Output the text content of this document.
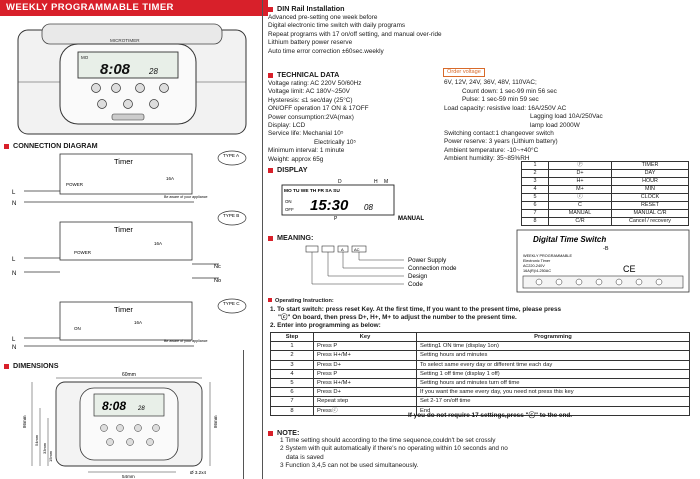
WEEKLY PROGRAMMABLE TIMER
MICROTIMER
MO
8:08 28
CONNECTION DIAGRAM
TYPE A
Timer
POWER
16A
L
N
Be aware of your appliance
TYPE B
Timer
POWER
16A
L
N
Nc
No
TYPE C
Timer
ON
16A
L
N
Be aware of your appliance
DIMENSIONS
60mm
8:08 28
86mm
54mm
33mm
15mm
86mm
54mm
Ø 3.2x4
DIN Rail Installation
Advanced pre-setting one week before
Digital electronic time switch with daily programs
Repeat programs with 17 on/off setting, and manual over-ride
Lithium battery power reserve
Auto time error correction ±60sec.weekly
TECHNICAL DATA
Voltage rating: AC 220V 50/60Hz
Voltage limit: AC 180V~250V
Hysteresis: ≤1 sec/day (25°C)
ON/OFF operation 17 ON & 17OFF
Power consumption:2VA(max)
Display: LCD
Service life: Mechanial 10⁵
Electrically 10⁵
Minimum interval: 1 minute
Weight: approx 65g
Order voltage
6V, 12V, 24V, 36V, 48V, 110VAC;
Count down: 1 sec-99 min 56 sec
Pulse: 1 sec-59 min 59 sec
Load capacity: resistive load: 16A/250V AC
Lagging load 10A/250Vac
lamp load 2000W
Switching contact:1 changeover switch
Power reserve: 3 years (Lithium battery)
Ambient temperature: -10~+40°C
Ambient humidity: 35~85%RH
DISPLAY
D	H M
MO TU WE TH FR SA SU
15:30 08
ON
OFF
P	MANUAL
1	Ⓟ	TIMER
2	D+	DAY
3	H+	HOUR
4	M+	MIN
5	ⓒ	CLOCK
6	C	RESET
7	MANUAL	MANUAL C/R
8	C/R	Cancel / recovery
MEANING:
A	AC
Power Supply
Connection mode
Design
Code
Digital Time Switch
-B
WEEKLY PROGRAMMABLE
Electronic Timer
AC220-240V
16A(R)/4-250AC	CE
Operating Instruction:
1. To start switch: press reset Key. At the first time, If you want to the present time, please press
"ⓒ" On board, then press D+, H+, M+ to adjust the number to the present time.
2. Enter into programming as below:
Step	Key	Programming
1	Press P	Setting1 ON time (display 1on)
2	Press H+/M+	Setting hours and minutes
3	Press D+	To select same every day or different time each day
4	Press P	Setting 1 off time (display 1 off)
5	Press H+/M+	Setting hours and minutes turn off time
6	Press D+	If you want the same every day, you need not press this key
7	Repeat step	Set 2-17 on/off time
8	Pressⓒ	End
If you do not require 17 settings,press "ⓒ" to the end.
NOTE:
1 Time setting should according to the time sequence,couldn't be set crossly
2 System with quit automatically if there's no operating within 10 seconds and no
data is saved
3 Function 3,4,5 can not be used simultaneously.
